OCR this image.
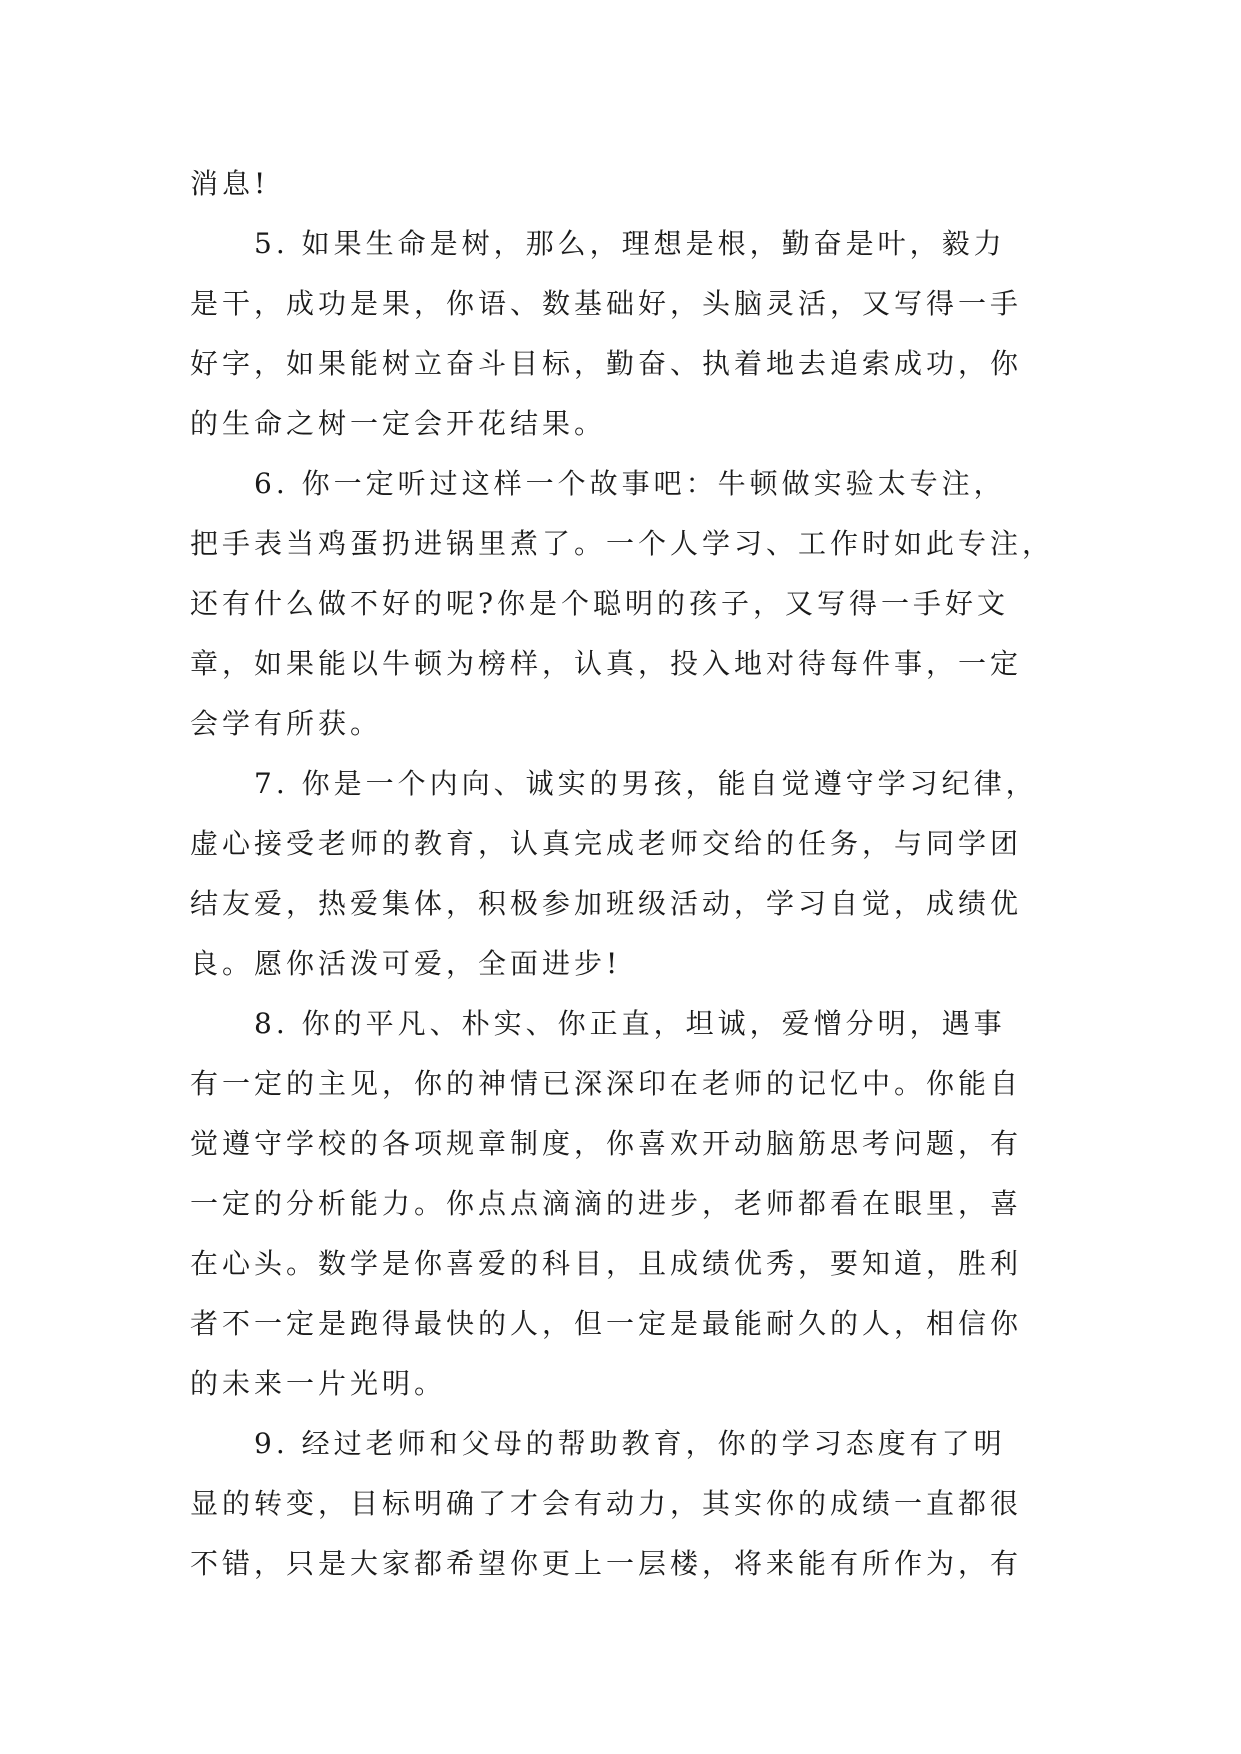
消息!
5. 如果生命是树，那么，理想是根，勤奋是叶，毅力
是干，成功是果，你语、数基础好，头脑灵活，又写得一手
好字，如果能树立奋斗目标，勤奋、执着地去追索成功，你
的生命之树一定会开花结果。
6. 你一定听过这样一个故事吧：牛顿做实验太专注，
把手表当鸡蛋扔进锅里煮了。一个人学习、工作时如此专注，
还有什么做不好的呢?你是个聪明的孩子，又写得一手好文
章，如果能以牛顿为榜样，认真，投入地对待每件事，一定
会学有所获。
7. 你是一个内向、诚实的男孩，能自觉遵守学习纪律，
虚心接受老师的教育，认真完成老师交给的任务，与同学团
结友爱，热爱集体，积极参加班级活动，学习自觉，成绩优
良。愿你活泼可爱，全面进步!
8. 你的平凡、朴实、你正直，坦诚，爱憎分明，遇事
有一定的主见，你的神情已深深印在老师的记忆中。你能自
觉遵守学校的各项规章制度，你喜欢开动脑筋思考问题，有
一定的分析能力。你点点滴滴的进步，老师都看在眼里，喜
在心头。数学是你喜爱的科目，且成绩优秀，要知道，胜利
者不一定是跑得最快的人，但一定是最能耐久的人，相信你
的未来一片光明。
9. 经过老师和父母的帮助教育，你的学习态度有了明
显的转变，目标明确了才会有动力，其实你的成绩一直都很
不错，只是大家都希望你更上一层楼，将来能有所作为，有
